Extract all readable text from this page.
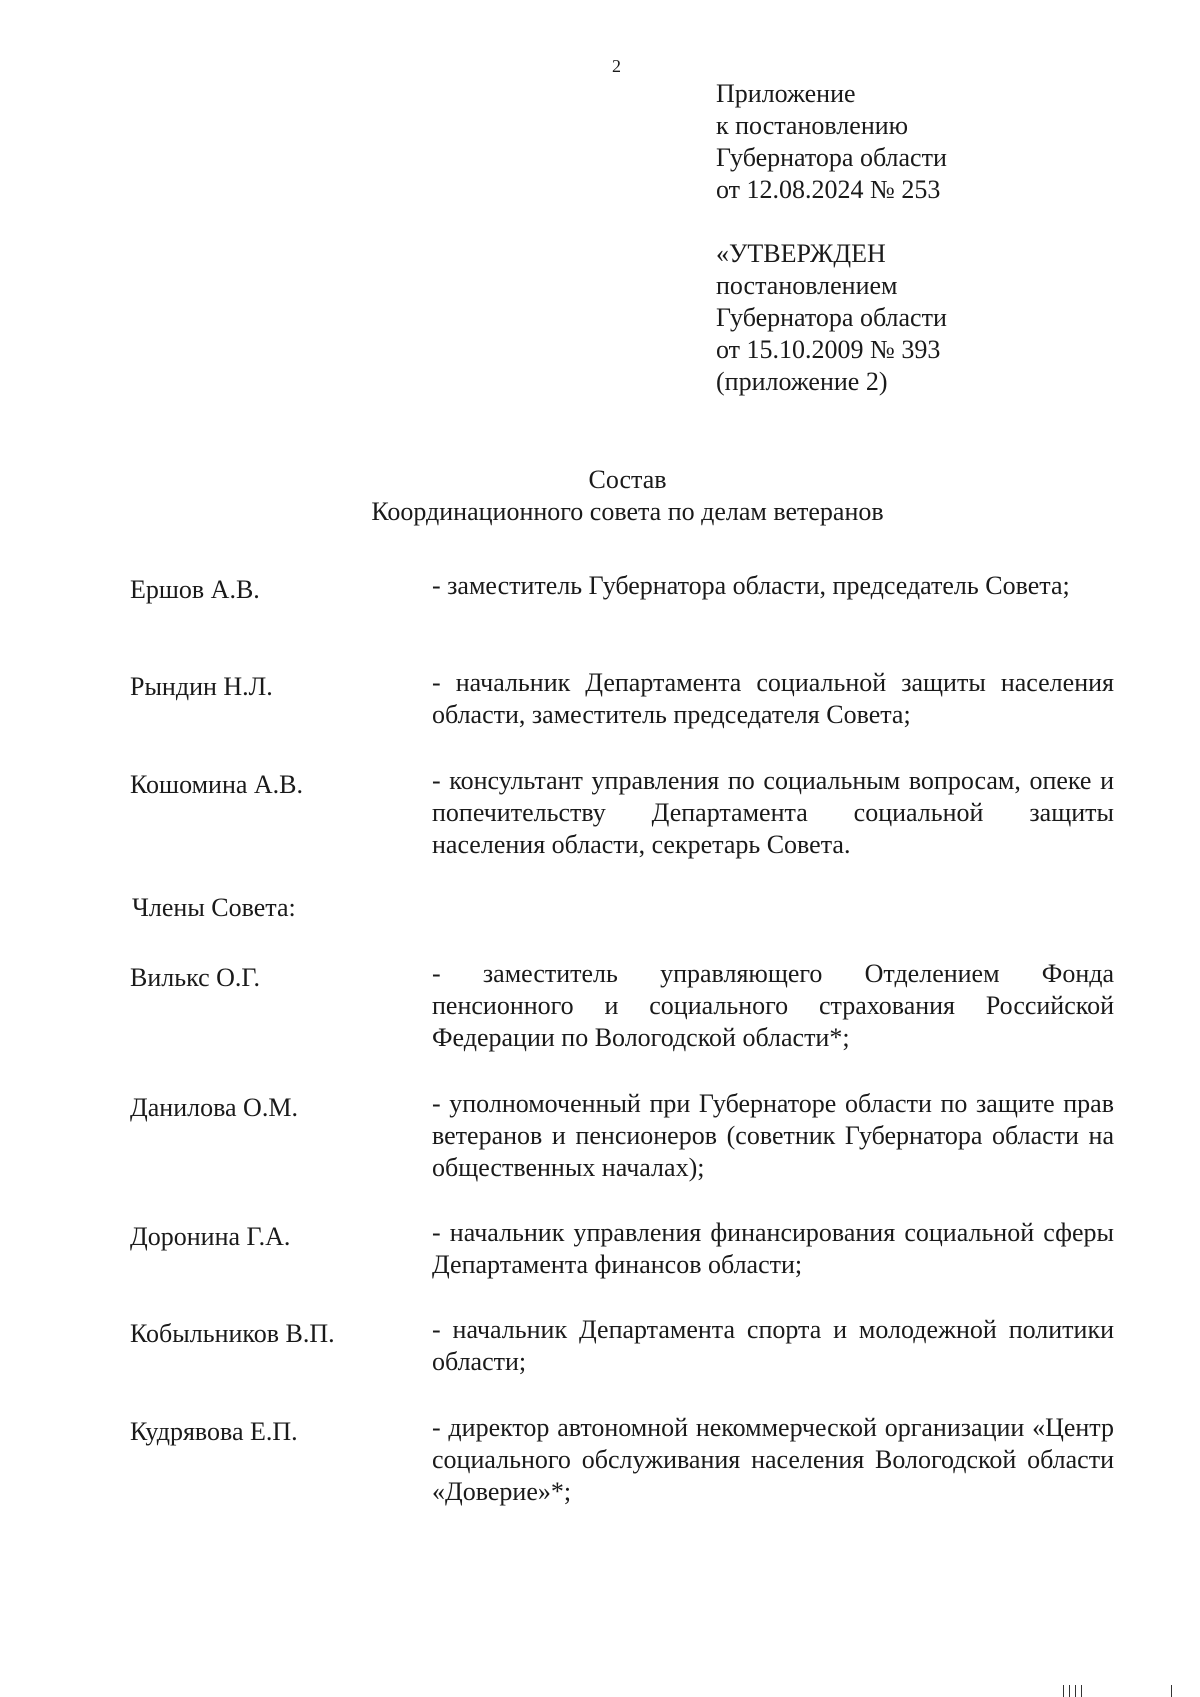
2
Приложение
к постановлению
Губернатора области
от 12.08.2024 № 253
«УТВЕРЖДЕН
постановлением
Губернатора области
от 15.10.2009 № 393
(приложение 2)
Состав
Координационного совета по делам ветеранов
Ершов А.В.	- заместитель Губернатора области, председатель Совета;
Рындин Н.Л.	- начальник Департамента социальной защиты населения области, заместитель председателя Совета;
Кошомина А.В.	- консультант управления по социальным вопросам, опеке и попечительству Департамента социальной защиты населения области, секретарь Совета.
Члены Совета:
Вилькс О.Г.	- заместитель управляющего Отделением Фонда пенсионного и социального страхования Российской Федерации по Вологодской области*;
Данилова О.М.	- уполномоченный при Губернаторе области по защите прав ветеранов и пенсионеров (советник Губернатора области на общественных началах);
Доронина Г.А.	- начальник управления финансирования социальной сферы Департамента финансов области;
Кобыльников В.П.	- начальник Департамента спорта и молодежной политики области;
Кудрявова Е.П.	- директор автономной некоммерческой организации «Центр социального обслуживания населения Вологодской области «Доверие»*;
